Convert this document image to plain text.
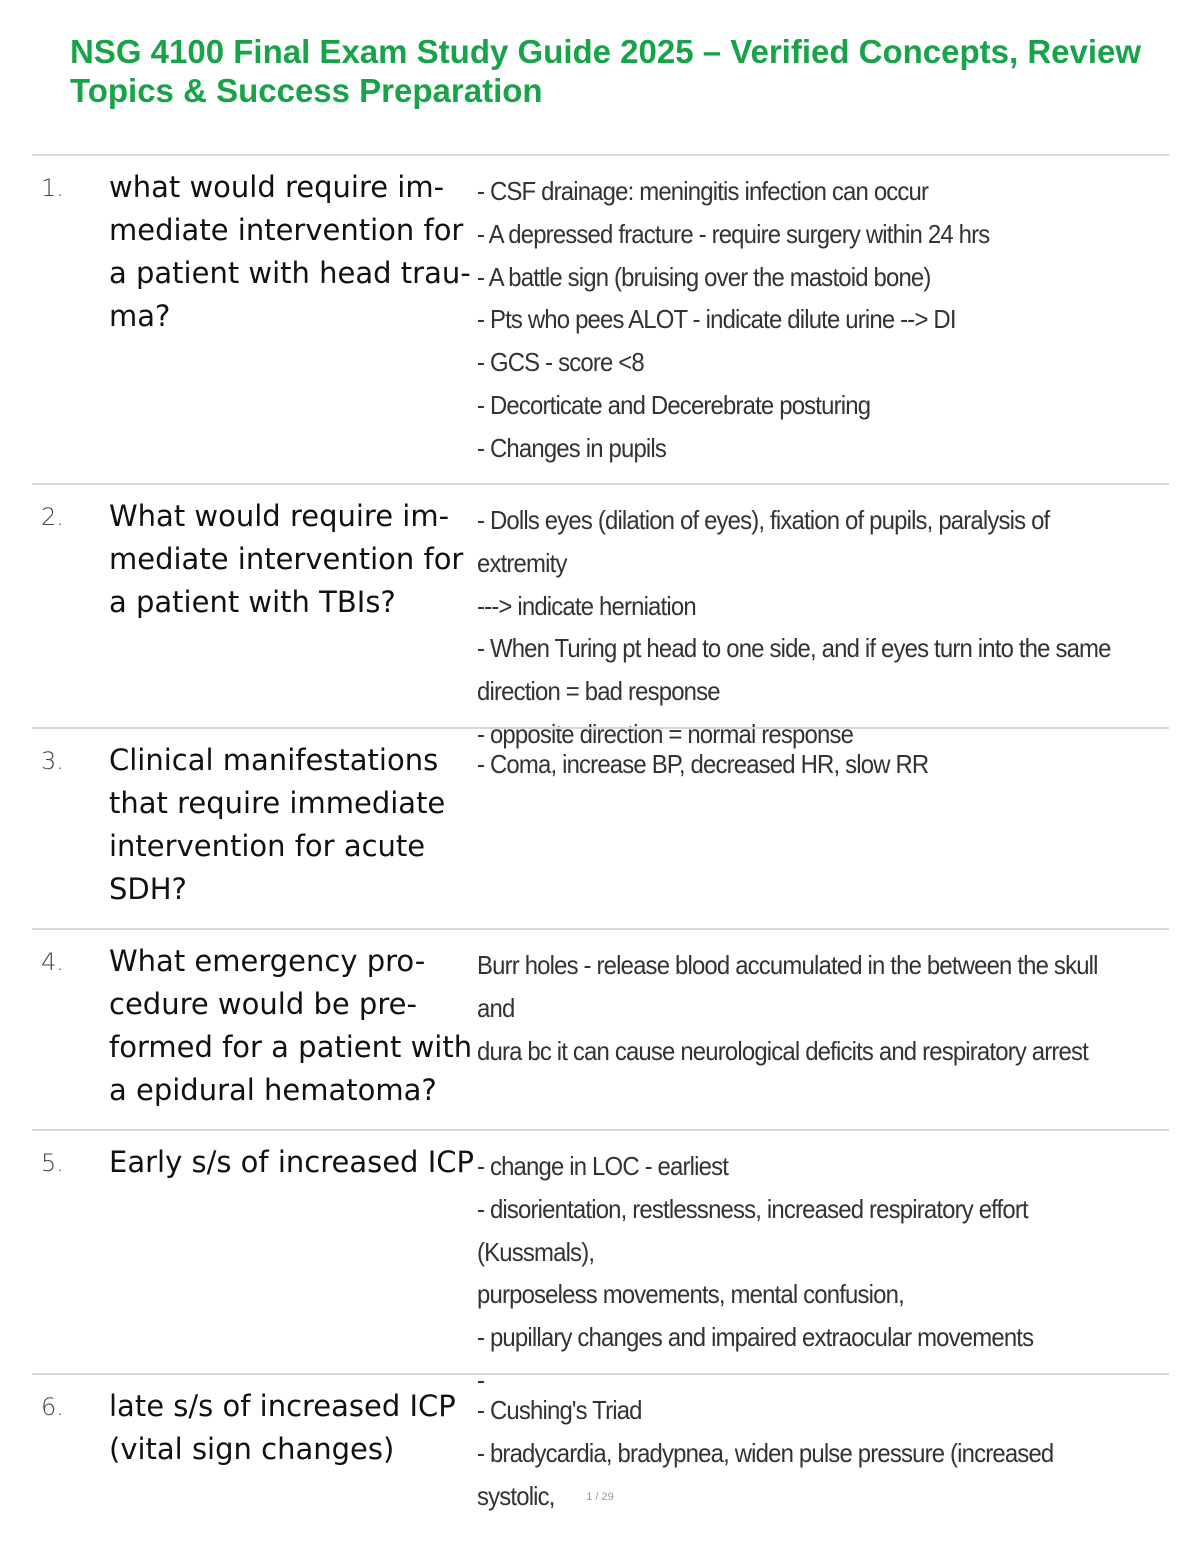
NSG 4100 Final Exam Study Guide 2025 – Verified Concepts, Review Topics & Success Preparation
1. what would require im-
mediate intervention for
a patient with head trau-
ma?
- CSF drainage: meningitis infection can occur
- A depressed fracture - require surgery within 24 hrs
- A battle sign (bruising over the mastoid bone)
- Pts who pees ALOT - indicate dilute urine --> DI
- GCS - score <8
- Decorticate and Decerebrate posturing
- Changes in pupils
2. What would require im-
mediate intervention for
a patient with TBIs?
- Dolls eyes (dilation of eyes), fixation of pupils, paralysis of extremity
---> indicate herniation
- When Turing pt head to one side, and if eyes turn into the same
direction = bad response
- opposite direction = normal response
3. Clinical manifestations
that require immediate
intervention for acute
SDH?
- Coma, increase BP, decreased HR, slow RR
4. What emergency pro-
cedure would be pre-
formed for a patient with
a epidural hematoma?
Burr holes - release blood accumulated in the between the skull and
dura bc it can cause neurological deficits and respiratory arrest
5. Early s/s of increased ICP - change in LOC - earliest
- disorientation, restlessness, increased respiratory effort (Kussmals),
purposeless movements, mental confusion,
- pupillary changes and impaired extraocular movements
-
6. late s/s of increased ICP
(vital sign changes)
- Cushing's Triad
- bradycardia, bradypnea, widen pulse pressure (increased systolic,	1 / 29
